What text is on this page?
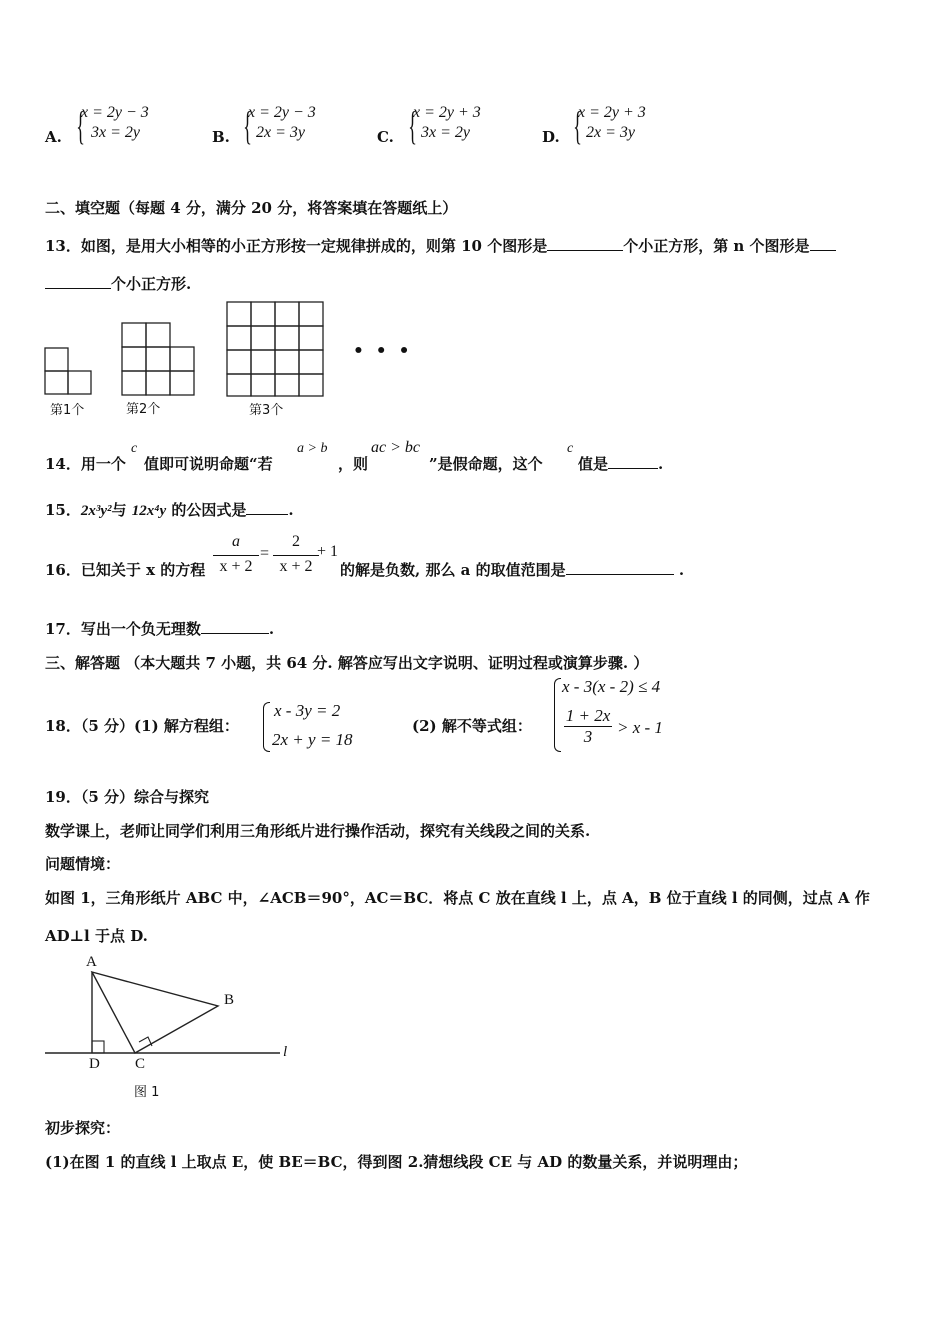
A. {
x = 2y − 3
3x = 2y	B. {
x = 2y − 3
2x = 3y	C. {
x = 2y + 3
3x = 2y	D. {
x = 2y + 3
2x = 3y
二、填空题（每题 4 分，满分 20 分，将答案填在答题纸上）
13．如图，是用大小相等的小正方形按一定规律拼成的，则第 10 个图形是	个小正方形，第 n 个图形是
个小正方形.
• • •
第1个	第2个	第3个
14．用一个
c
值即可说明命题“若
a > b
，则
ac > bc
”是假命题，这个
c
值是	.
15．2x³y²与 12x⁴y 的公因式是	.
16．已知关于 x 的方程 $\frac{a}{x + 2} = \frac{2}{x + 2}$
+ 1
的解是负数, 那么 a 的取值范围是	.
17．写出一个负无理数	.
三、解答题 （本大题共 7 小题，共 64 分. 解答应写出文字说明、证明过程或演算步骤. ）
18．（5 分）(1) 解方程组：
x - 3y = 2
2x + y = 18
(2) 解不等式组：
x - 3(x - 2) ≤ 4
$\frac{1 + 2x}{3} > x - 1$
19．（5 分）综合与探究
数学课上，老师让同学们利用三角形纸片进行操作活动，探究有关线段之间的关系.
问题情境：
如图 1，三角形纸片 ABC 中，∠ACB＝90°，AC＝BC．将点 C 放在直线 l 上，点 A，B 位于直线 l 的同侧，过点 A 作
AD⊥l 于点 D.
A
B
D C
l
图 1
初步探究：
(1)在图 1 的直线 l 上取点 E，使 BE＝BC，得到图 2.猜想线段 CE 与 AD 的数量关系，并说明理由；
